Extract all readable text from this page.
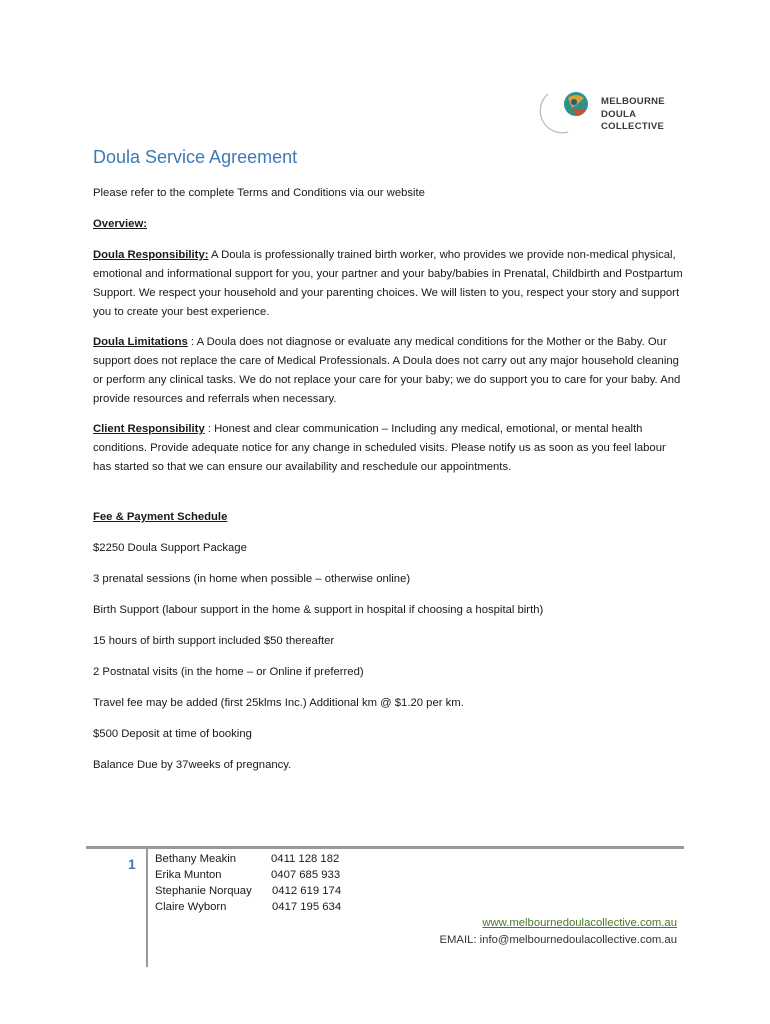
MELBOURNE
DOULA
COLLECTIVE
Doula Service Agreement

Please refer to the complete Terms and Conditions via our website

Overview:

Doula Responsibility: A Doula is professionally trained birth worker, who provides we provide non-medical physical, emotional and informational support for you, your partner and your baby/babies in Prenatal, Childbirth and Postpartum Support. We respect your household and your parenting choices. We will listen to you, respect your story and support you to create your best experience.

Doula Limitations : A Doula does not diagnose or evaluate any medical conditions for the Mother or the Baby. Our support does not replace the care of Medical Professionals. A Doula does not carry out any major household cleaning or perform any clinical tasks. We do not replace your care for your baby; we do support you to care for your baby. And provide resources and referrals when necessary.

Client Responsibility : Honest and clear communication – Including any medical, emotional, or mental health conditions. Provide adequate notice for any change in scheduled visits. Please notify us as soon as you feel labour has started so that we can ensure our availability and reschedule our appointments.

Fee & Payment Schedule

$2250 Doula Support Package

3 prenatal sessions (in home when possible – otherwise online)

Birth Support (labour support in the home & support in hospital if choosing a hospital birth)

15 hours of birth support included $50 thereafter

2 Postnatal visits (in the home – or Online if preferred)

Travel fee may be added (first 25klms Inc.) Additional km @ $1.20 per km.

$500 Deposit at time of booking

Balance Due by 37weeks of pregnancy.

1 Bethany Meakin	0411 128 182
Erika Munton	0407 685 933
Stephanie Norquay	0412 619 174
Claire Wyborn	0417 195 634
www.melbournedoulacollective.com.au
EMAIL: info@melbournedoulacollective.com.au
